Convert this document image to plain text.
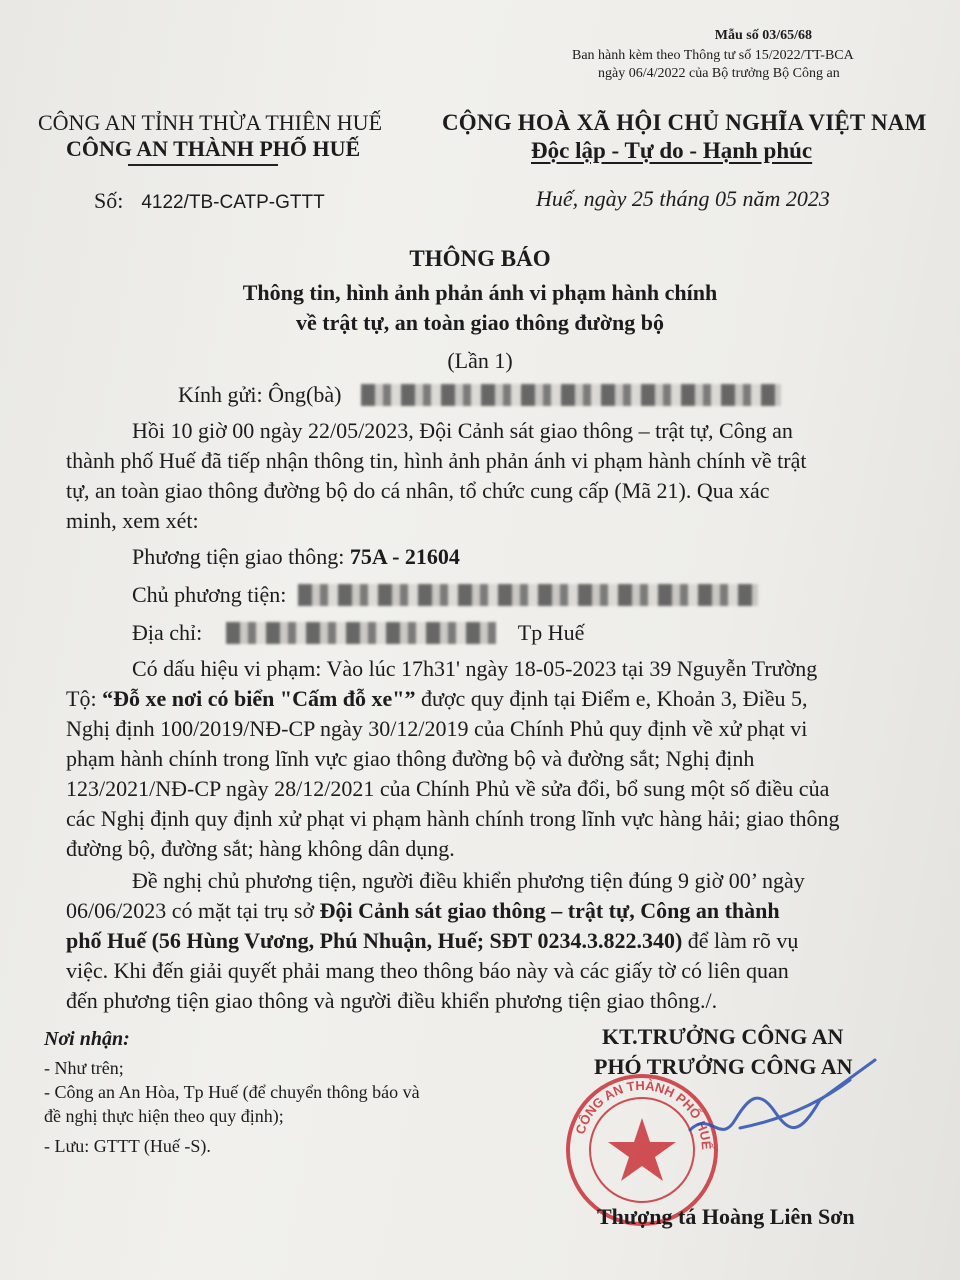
Mẫu số 03/65/68
Ban hành kèm theo Thông tư số 15/2022/TT-BCA
ngày 06/4/2022 của Bộ trưởng Bộ Công an
CÔNG AN TỈNH THỪA THIÊN HUẾ
CÔNG AN THÀNH PHỐ HUẾ
CỘNG HOÀ XÃ HỘI CHỦ NGHĨA VIỆT NAM
Độc lập - Tự do - Hạnh phúc
Số: 4122/TB-CATP-GTTT	Huế, ngày 25 tháng 05 năm 2023
THÔNG BÁO
Thông tin, hình ảnh phản ánh vi phạm hành chính
về trật tự, an toàn giao thông đường bộ
(Lần 1)
Kính gửi: Ông(bà)
Hồi 10 giờ 00 ngày 22/05/2023, Đội Cảnh sát giao thông – trật tự, Công an
thành phố Huế đã tiếp nhận thông tin, hình ảnh phản ánh vi phạm hành chính về trật
tự, an toàn giao thông đường bộ do cá nhân, tổ chức cung cấp (Mã 21). Qua xác
minh, xem xét:
Phương tiện giao thông: 75A - 21604
Chủ phương tiện:
Địa chỉ:	Tp Huế
Có dấu hiệu vi phạm: Vào lúc 17h31' ngày 18-05-2023 tại 39 Nguyễn Trường
Tộ: “Đỗ xe nơi có biển "Cấm đỗ xe"” được quy định tại Điểm e, Khoản 3, Điều 5,
Nghị định 100/2019/NĐ-CP ngày 30/12/2019 của Chính Phủ quy định về xử phạt vi
phạm hành chính trong lĩnh vực giao thông đường bộ và đường sắt; Nghị định
123/2021/NĐ-CP ngày 28/12/2021 của Chính Phủ về sửa đổi, bổ sung một số điều của
các Nghị định quy định xử phạt vi phạm hành chính trong lĩnh vực hàng hải; giao thông
đường bộ, đường sắt; hàng không dân dụng.
Đề nghị chủ phương tiện, người điều khiển phương tiện đúng 9 giờ 00’ ngày
06/06/2023 có mặt tại trụ sở Đội Cảnh sát giao thông – trật tự, Công an thành
phố Huế (56 Hùng Vương, Phú Nhuận, Huế; SĐT 0234.3.822.340) để làm rõ vụ
việc. Khi đến giải quyết phải mang theo thông báo này và các giấy tờ có liên quan
đến phương tiện giao thông và người điều khiển phương tiện giao thông./.
Nơi nhận:
- Như trên;
- Công an An Hòa, Tp Huế (để chuyển thông báo và
đề nghị thực hiện theo quy định);
- Lưu: GTTT (Huế -S).
KT.TRƯỞNG CÔNG AN
PHÓ TRƯỞNG CÔNG AN
CÔNG AN THÀNH PHỐ HUẾ
Thượng tá Hoàng Liên Sơn
